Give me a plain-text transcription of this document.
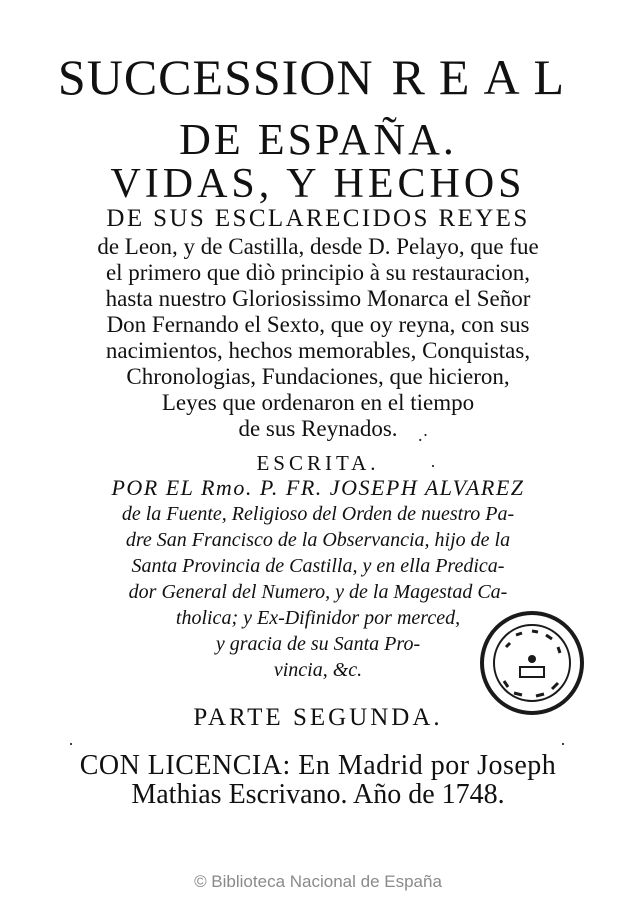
SUCCESSION REAL
DE ESPAÑA.
VIDAS, Y HECHOS
DE SUS ESCLARECIDOS REYES
de Leon, y de Castilla, desde D. Pelayo, que fue
el primero que diò principio à su restauracion,
hasta nuestro Gloriosissimo Monarca el Señor
Don Fernando el Sexto, que oy reyna, con sus
nacimientos, hechos memorables, Conquistas,
Chronologias, Fundaciones, que hicieron,
Leyes que ordenaron en el tiempo
de sus Reynados.
ESCRITA.
POR EL Rmo. P. FR. JOSEPH ALVAREZ
de la Fuente, Religioso del Orden de nuestro Pa-
dre San Francisco de la Observancia, hijo de la
Santa Provincia de Castilla, y en ella Predica-
dor General del Numero, y de la Magestad Ca-
tholica; y Ex-Difinidor por merced,
y gracia de su Santa Pro-
vincia, &c.
PARTE SEGUNDA.
CON LICENCIA: En Madrid por Joseph
Mathias Escrivano. Año de 1748.
.·
·
·	·
© Biblioteca Nacional de España
